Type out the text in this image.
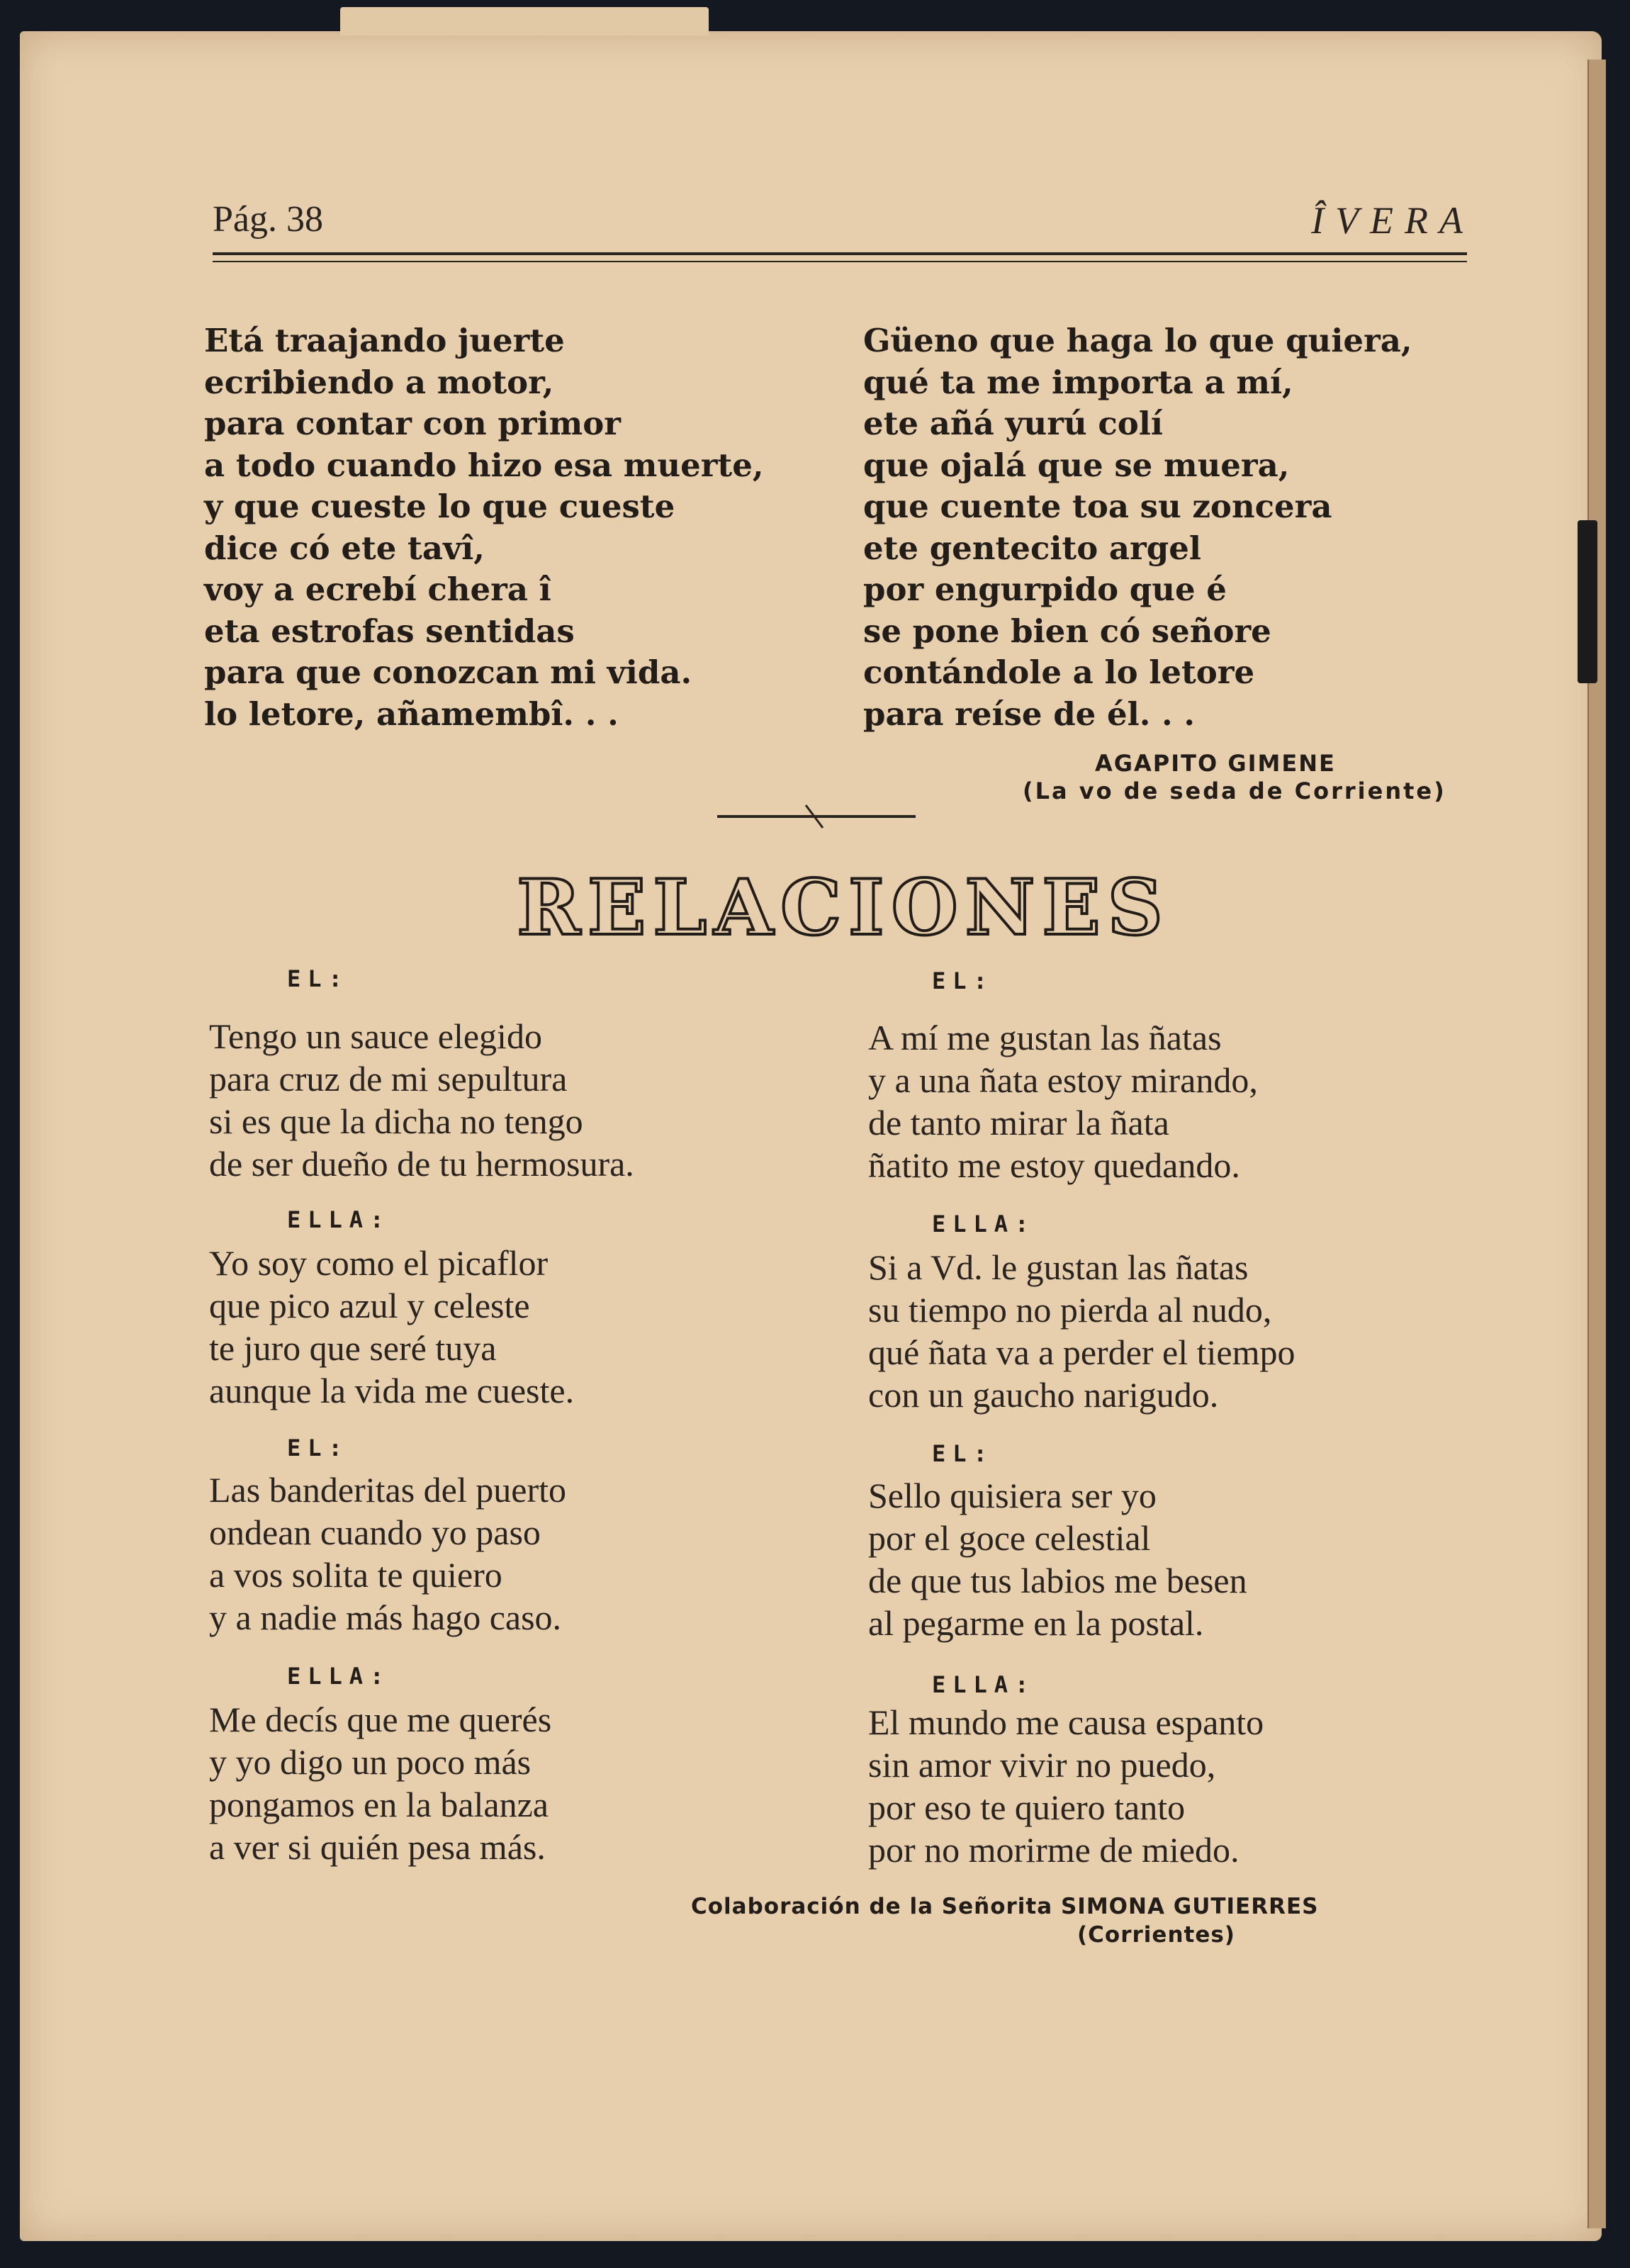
Pág. 38	ÎVERA
Etá traajando juerte
ecribiendo a motor,
para contar con primor
a todo cuando hizo esa muerte,
y que cueste lo que cueste
dice có ete tavî,
voy a ecrebí chera î
eta estrofas sentidas
para que conozcan mi vida.
lo letore, añamembî. . .
Güeno que haga lo que quiera,
qué ta me importa a mí,
ete añá yurú colí
que ojalá que se muera,
que cuente toa su zoncera
ete gentecito argel
por engurpido que é
se pone bien có señore
contándole a lo letore
para reíse de él. . .
AGAPITO GIMENE
(La vo de seda de Corriente)
RELACIONES
EL:
Tengo un sauce elegido
para cruz de mi sepultura
si es que la dicha no tengo
de ser dueño de tu hermosura.
ELLA:
Yo soy como el picaflor
que pico azul y celeste
te juro que seré tuya
aunque la vida me cueste.
EL:
Las banderitas del puerto
ondean cuando yo paso
a vos solita te quiero
y a nadie más hago caso.
ELLA:
Me decís que me querés
y yo digo un poco más
pongamos en la balanza
a ver si quién pesa más.
EL:
A mí me gustan las ñatas
y a una ñata estoy mirando,
de tanto mirar la ñata
ñatito me estoy quedando.
ELLA:
Si a Vd. le gustan las ñatas
su tiempo no pierda al nudo,
qué ñata va a perder el tiempo
con un gaucho narigudo.
EL:
Sello quisiera ser yo
por el goce celestial
de que tus labios me besen
al pegarme en la postal.
ELLA:
El mundo me causa espanto
sin amor vivir no puedo,
por eso te quiero tanto
por no morirme de miedo.
Colaboración de la Señorita SIMONA GUTIERRES
(Corrientes)
